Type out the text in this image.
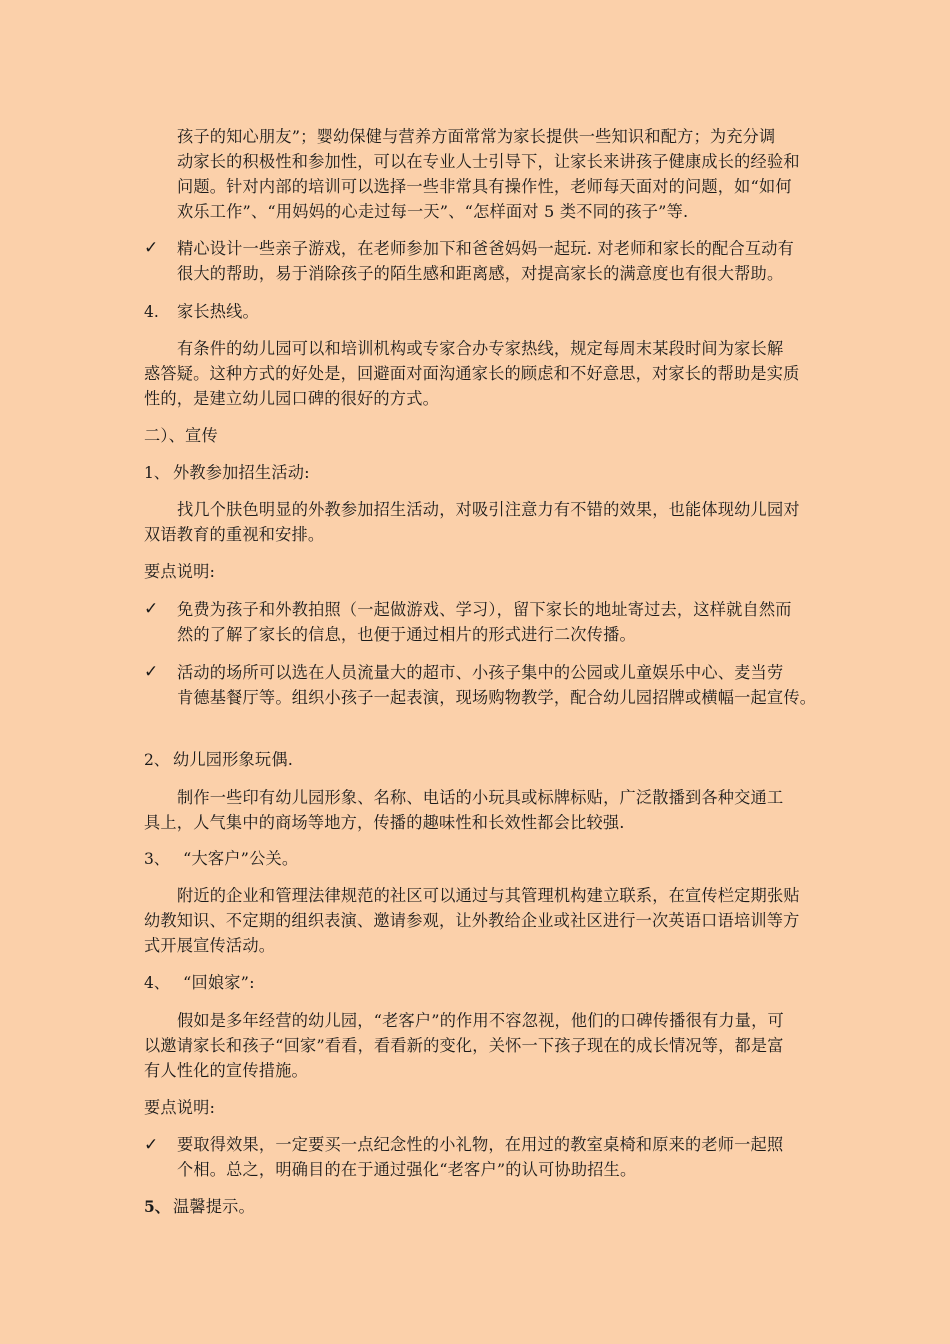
孩子的知心朋友”；婴幼保健与营养方面常常为家长提供一些知识和配方；为充分调
动家长的积极性和参加性，可以在专业人士引导下，让家长来讲孩子健康成长的经验和
问题。针对内部的培训可以选择一些非常具有操作性，老师每天面对的问题，如“如何
欢乐工作”、“用妈妈的心走过每一天”、“怎样面对 5 类不同的孩子”等.
✓ 精心设计一些亲子游戏，在老师参加下和爸爸妈妈一起玩. 对老师和家长的配合互动有
很大的帮助，易于消除孩子的陌生感和距离感，对提高家长的满意度也有很大帮助。
4. 家长热线。
有条件的幼儿园可以和培训机构或专家合办专家热线，规定每周末某段时间为家长解
惑答疑。这种方式的好处是，回避面对面沟通家长的顾虑和不好意思，对家长的帮助是实质
性的，是建立幼儿园口碑的很好的方式。
二）、宣传
1、 外教参加招生活动:
找几个肤色明显的外教参加招生活动，对吸引注意力有不错的效果，也能体现幼儿园对
双语教育的重视和安排。
要点说明:
✓ 免费为孩子和外教拍照（一起做游戏、学习），留下家长的地址寄过去，这样就自然而
然的了解了家长的信息，也便于通过相片的形式进行二次传播。
✓ 活动的场所可以选在人员流量大的超市、小孩子集中的公园或儿童娱乐中心、麦当劳
肯德基餐厅等。组织小孩子一起表演，现场购物教学，配合幼儿园招牌或横幅一起宣传。
2、 幼儿园形象玩偶.
制作一些印有幼儿园形象、名称、电话的小玩具或标牌标贴，广泛散播到各种交通工
具上，人气集中的商场等地方，传播的趣味性和长效性都会比较强.
3、 “大客户”公关。
附近的企业和管理法律规范的社区可以通过与其管理机构建立联系，在宣传栏定期张贴
幼教知识、不定期的组织表演、邀请参观，让外教给企业或社区进行一次英语口语培训等方
式开展宣传活动。
4、 “回娘家”:
假如是多年经营的幼儿园，“老客户”的作用不容忽视，他们的口碑传播很有力量，可
以邀请家长和孩子“回家”看看，看看新的变化，关怀一下孩子现在的成长情况等，都是富
有人性化的宣传措施。
要点说明:
✓ 要取得效果，一定要买一点纪念性的小礼物，在用过的教室桌椅和原来的老师一起照
个相。总之，明确目的在于通过强化“老客户”的认可协助招生。
5、 温馨提示。
